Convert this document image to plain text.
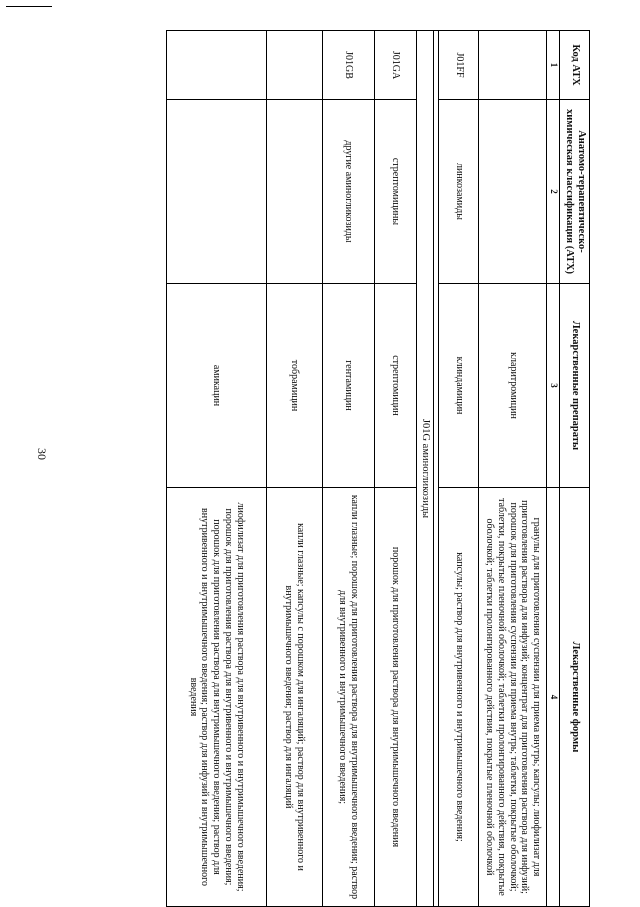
30
Код АТХ	Анатомо-терапевтическо-химическая классификация (АТХ)	Лекарственные препараты	Лекарственные формы
1	2	3	4
		кларитромицин	гранулы для приготовления суспензии для приема внутрь; капсулы; лиофилизат для приготовления раствора для инфузий; концентрат для приготовления раствора для инфузий; порошок для приготовления суспензии для приема внутрь; таблетки, покрытые оболочкой; таблетки, покрытые пленочной оболочкой; таблетки пролонгированного действия, покрытые оболочкой; таблетки пролонгированного действия, покрытые пленочной оболочкой
J01FF	линкозамиды	клиндамицин	капсулы; раствор для внутривенного и внутримышечного введения;

J01G аминогликозиды			
J01GA	стрептомицины	стрептомицин	порошок для приготовления раствора для внутримышечного введения
J01GB	другие аминогликозиды	гентамицин	капли глазные; порошок для приготовления раствора для внутримышечного введения; раствор для внутривенного и внутримышечного введения;
		тобрамицин	капли глазные; капсулы с порошком для ингаляций; раствор для внутривенного и внутримышечного введения; раствор для ингаляций
		амикацин	лиофилизат для приготовления раствора для внутривенного и внутримышечного введения; порошок для приготовления раствора для внутривенного и внутримышечного введения; порошок для приготовления раствора для внутримышечного введения; раствор для внутривенного и внутримышечного введения; раствор для инфузий и внутримышечного введения
